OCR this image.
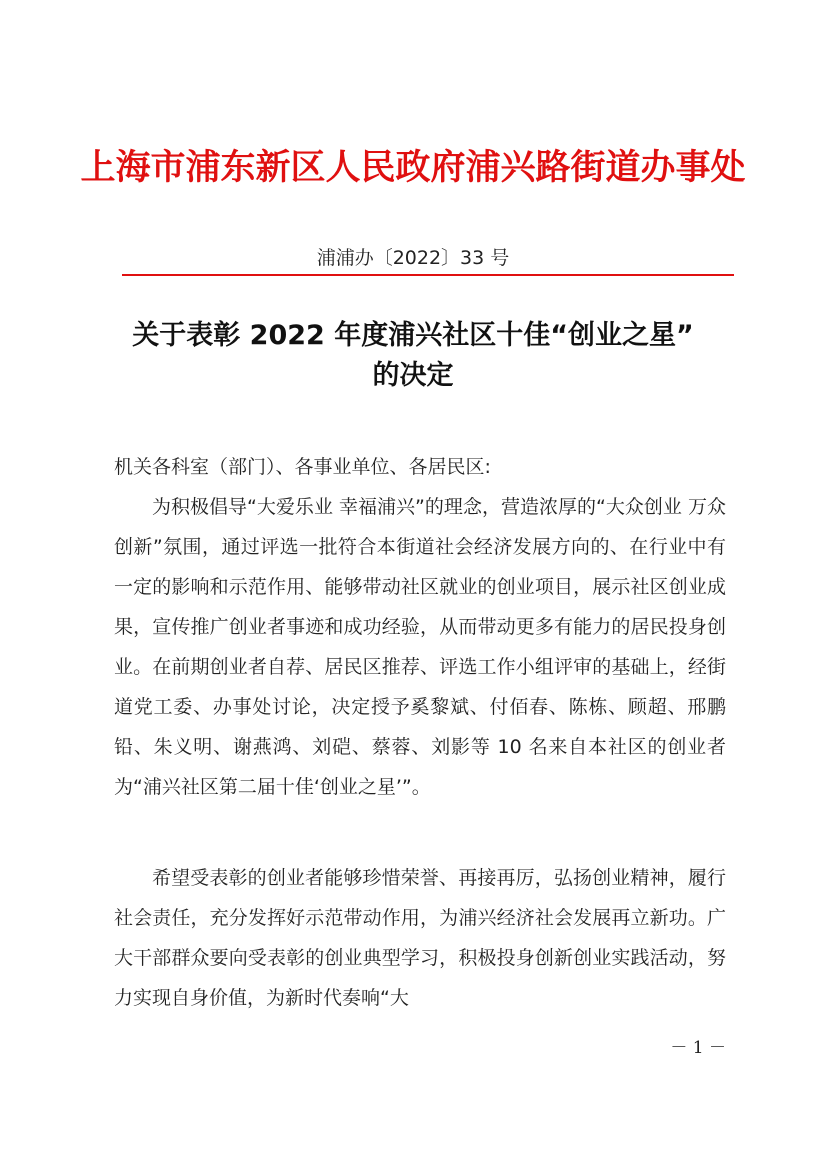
上海市浦东新区人民政府浦兴路街道办事处
浦浦办〔2022〕33 号
关于表彰 2022 年度浦兴社区十佳“创业之星”
的决定
机关各科室（部门）、各事业单位、各居民区:

为积极倡导“大爱乐业 幸福浦兴”的理念，营造浓厚的“大众创业 万众创新”氛围，通过评选一批符合本街道社会经济发展方向的、在行业中有一定的影响和示范作用、能够带动社区就业的创业项目，展示社区创业成果，宣传推广创业者事迹和成功经验，从而带动更多有能力的居民投身创业。在前期创业者自荐、居民区推荐、评选工作小组评审的基础上，经街道党工委、办事处讨论，决定授予奚黎斌、付佰春、陈栋、顾超、邢鹏铅、朱义明、谢燕鸿、刘硙、蔡蓉、刘影等 10 名来自本社区的创业者为“浦兴社区第二届十佳‘创业之星’”。

希望受表彰的创业者能够珍惜荣誉、再接再厉，弘扬创业精神，履行社会责任，充分发挥好示范带动作用，为浦兴经济社会发展再立新功。广大干部群众要向受表彰的创业典型学习，积极投身创新创业实践活动，努力实现自身价值，为新时代奏响“大

－ 1 －
